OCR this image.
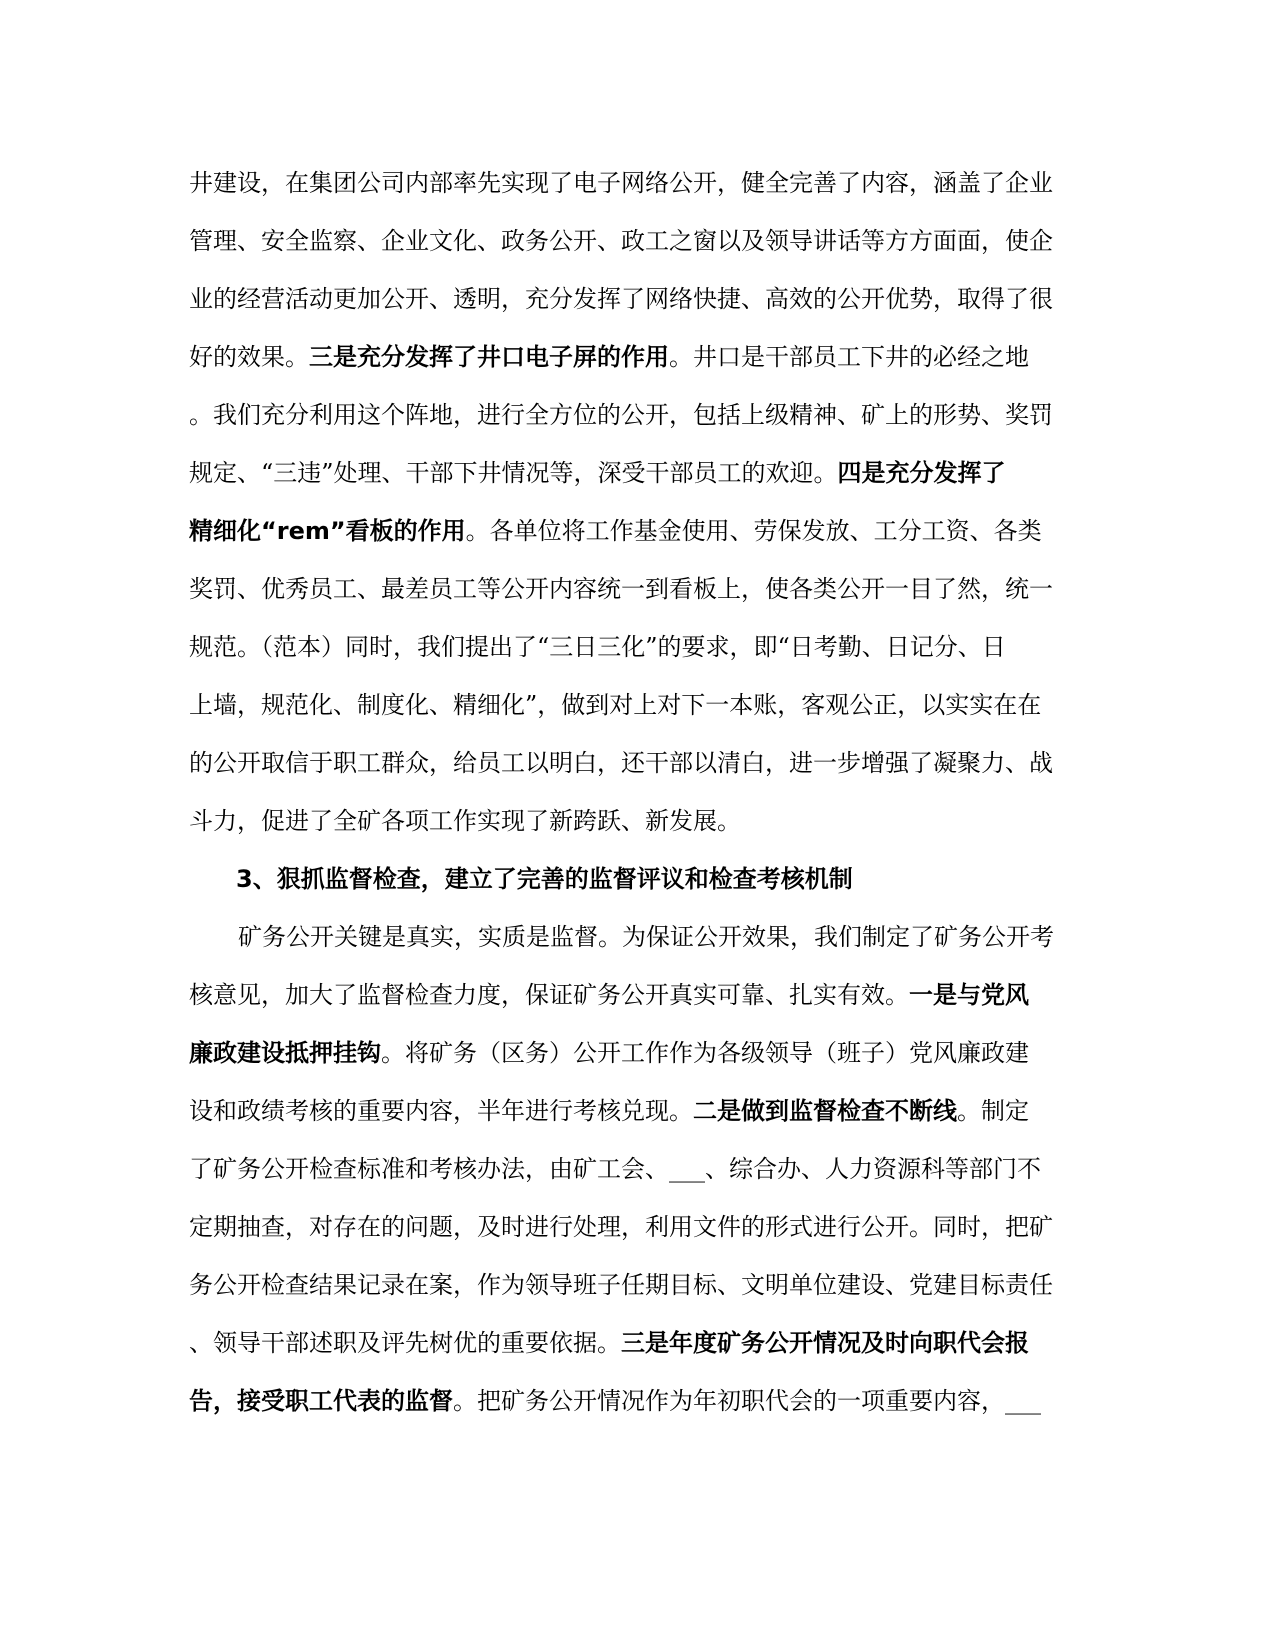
井建设，在集团公司内部率先实现了电子网络公开，健全完善了内容，涵盖了企业
管理、安全监察、企业文化、政务公开、政工之窗以及领导讲话等方方面面，使企
业的经营活动更加公开、透明，充分发挥了网络快捷、高效的公开优势，取得了很
好的效果。三是充分发挥了井口电子屏的作用。井口是干部员工下井的必经之地
。我们充分利用这个阵地，进行全方位的公开，包括上级精神、矿上的形势、奖罚
规定、“三违”处理、干部下井情况等，深受干部员工的欢迎。四是充分发挥了
精细化“rem”看板的作用。各单位将工作基金使用、劳保发放、工分工资、各类
奖罚、优秀员工、最差员工等公开内容统一到看板上，使各类公开一目了然，统一
规范。（范本）同时，我们提出了“三日三化”的要求，即“日考勤、日记分、日
上墙，规范化、制度化、精细化”，做到对上对下一本账，客观公正，以实实在在
的公开取信于职工群众，给员工以明白，还干部以清白，进一步增强了凝聚力、战
斗力，促进了全矿各项工作实现了新跨跃、新发展。
3、狠抓监督检查，建立了完善的监督评议和检查考核机制
矿务公开关键是真实，实质是监督。为保证公开效果，我们制定了矿务公开考
核意见，加大了监督检查力度，保证矿务公开真实可靠、扎实有效。一是与党风
廉政建设抵押挂钩。将矿务（区务）公开工作作为各级领导（班子）党风廉政建
设和政绩考核的重要内容，半年进行考核兑现。二是做到监督检查不断线。制定
了矿务公开检查标准和考核办法，由矿工会、___、综合办、人力资源科等部门不
定期抽查，对存在的问题，及时进行处理，利用文件的形式进行公开。同时，把矿
务公开检查结果记录在案，作为领导班子任期目标、文明单位建设、党建目标责任
、领导干部述职及评先树优的重要依据。三是年度矿务公开情况及时向职代会报
告，接受职工代表的监督。把矿务公开情况作为年初职代会的一项重要内容，___
